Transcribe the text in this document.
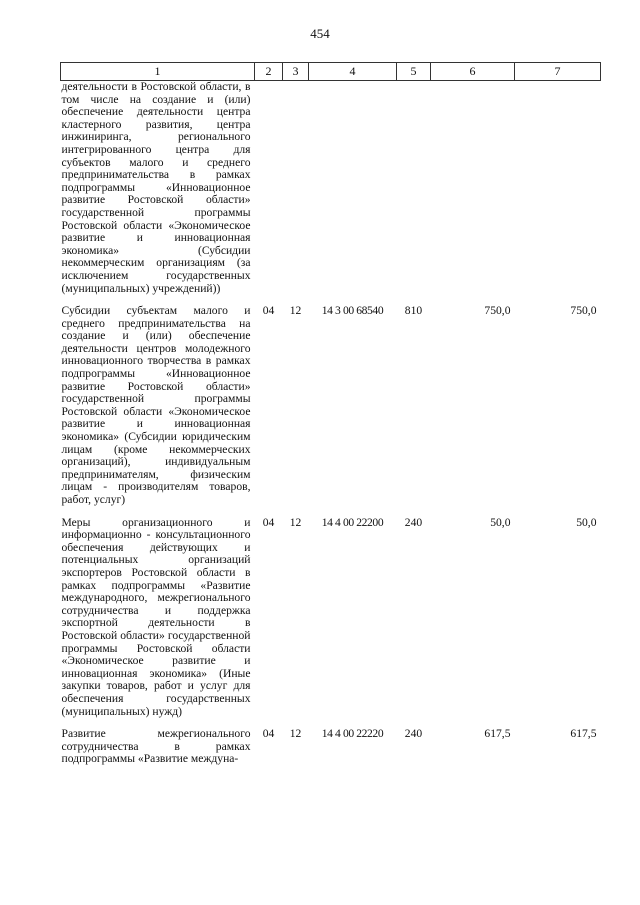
454
1	2	3	4	5	6	7
деятельности в Ростовской области, в том числе на создание и (или) обеспечение деятельности центра кластерного развития, центра инжиниринга, регионального интегрированного центра для субъектов малого и среднего предпринимательства в рамках подпрограммы «Инновационное развитие Ростовской области» государственной программы Ростовской области «Экономическое развитие и инновационная экономика» (Субсидии некоммерческим организациям (за исключением государственных (муниципальных) учреждений))						
Субсидии субъектам малого и среднего предпринимательства на создание и (или) обеспечение деятельности центров молодежного инновационного творчества в рамках подпрограммы «Инновационное развитие Ростовской области» государственной программы Ростовской области «Экономическое развитие и инновационная экономика» (Субсидии юридическим лицам (кроме некоммерческих организаций), индивидуальным предпринимателям, физическим лицам - производителям товаров, работ, услуг)	04	12	14 3 00 68540	810	750,0	750,0
Меры организационного и информационно - консультационного обеспечения действующих и потенциальных организаций экспортеров Ростовской области в рамках подпрограммы «Развитие международного, межрегионального сотрудничества и поддержка экспортной деятельности в Ростовской области» государственной программы Ростовской области «Экономическое развитие и инновационная экономика» (Иные закупки товаров, работ и услуг для обеспечения государственных (муниципальных) нужд)	04	12	14 4 00 22200	240	50,0	50,0
Развитие межрегионального сотрудничества в рамках подпрограммы «Развитие междуна-	04	12	14 4 00 22220	240	617,5	617,5
